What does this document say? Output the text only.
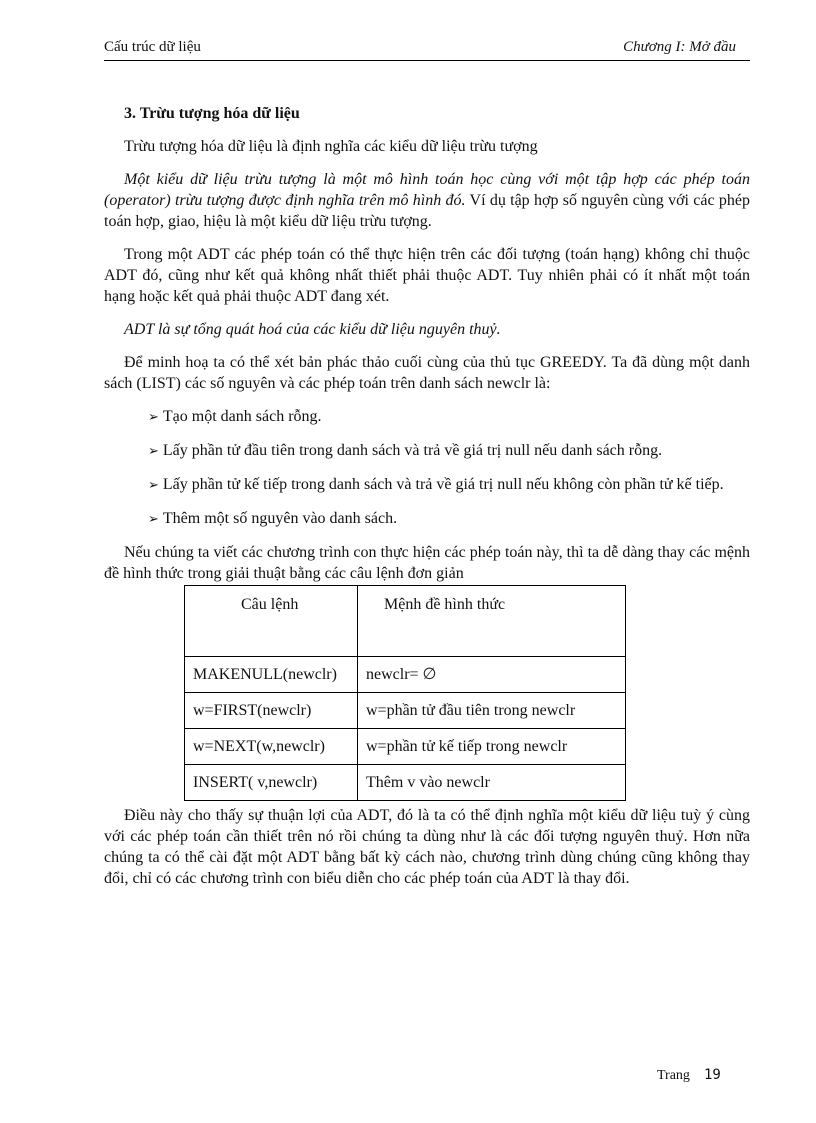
Cấu trúc dữ liệu	Chương I: Mở đầu
3. Trừu tượng hóa dữ liệu

Trừu tượng hóa dữ liệu là định nghĩa các kiểu dữ liệu trừu tượng

Một kiểu dữ liệu trừu tượng là một mô hình toán học cùng với một tập hợp các phép toán (operator) trừu tượng được định nghĩa trên mô hình đó. Ví dụ tập hợp số nguyên cùng với các phép toán hợp, giao, hiệu là một kiểu dữ liệu trừu tượng.

Trong một ADT các phép toán có thể thực hiện trên các đối tượng (toán hạng) không chỉ thuộc ADT đó, cũng như kết quả không nhất thiết phải thuộc ADT. Tuy nhiên phải có ít nhất một toán hạng hoặc kết quả phải thuộc ADT đang xét.

ADT là sự tổng quát hoá của các kiểu dữ liệu nguyên thuỷ.

Để minh hoạ ta có thể xét bản phác thảo cuối cùng của thủ tục GREEDY. Ta đã dùng một danh sách (LIST) các số nguyên và các phép toán trên danh sách newclr là:

➢ Tạo một danh sách rỗng.

➢ Lấy phần tử đầu tiên trong danh sách và trả về giá trị null nếu danh sách rỗng.

➢ Lấy phần tử kế tiếp trong danh sách và trả về giá trị null nếu không còn phần tử kế tiếp.

➢ Thêm một số nguyên vào danh sách.

Nếu chúng ta viết các chương trình con thực hiện các phép toán này, thì ta dễ dàng thay các mệnh đề hình thức trong giải thuật bằng các câu lệnh đơn giản

Câu lệnh	Mệnh đề hình thức
MAKENULL(newclr)	newclr= ∅
w=FIRST(newclr)	w=phần tử đầu tiên trong newclr
w=NEXT(w,newclr)	w=phần tử kế tiếp trong newclr
INSERT( v,newclr)	Thêm v vào newclr

Điều này cho thấy sự thuận lợi của ADT, đó là ta có thể định nghĩa một kiểu dữ liệu tuỳ ý cùng với các phép toán cần thiết trên nó rồi chúng ta dùng như là các đối tượng nguyên thuỷ. Hơn nữa chúng ta có thể cài đặt một ADT bằng bất kỳ cách nào, chương trình dùng chúng cũng không thay đổi, chỉ có các chương trình con biểu diễn cho các phép toán của ADT là thay đổi.

Trang 19
